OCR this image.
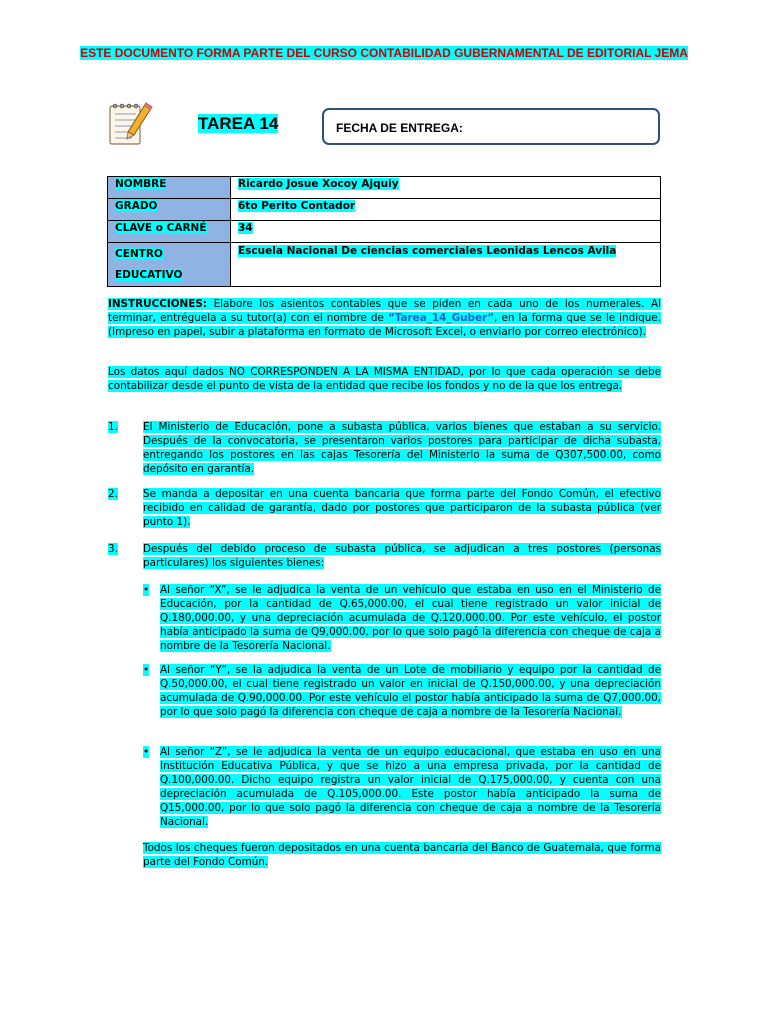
ESTE DOCUMENTO FORMA PARTE DEL CURSO CONTABILIDAD GUBERNAMENTAL DE EDITORIAL JEMA
TAREA 14	FECHA DE ENTREGA:
NOMBRE	Ricardo Josue Xocoy Ajquiy
GRADO	6to Perito Contador
CLAVE o CARNÉ	34
CENTRO EDUCATIVO	Escuela Nacional De ciencias comerciales Leonidas Lencos Avila
INSTRUCCIONES: Elabore los asientos contables que se piden en cada uno de los numerales. Al terminar, entréguela a su tutor(a) con el nombre de “Tarea_14_Guber”, en la forma que se le indique. (Impreso en papel, subir a plataforma en formato de Microsoft Excel, o enviarlo por correo electrónico).
Los datos aquí dados NO CORRESPONDEN A LA MISMA ENTIDAD, por lo que cada operación se debe contabilizar desde el punto de vista de la entidad que recibe los fondos y no de la que los entrega.
1. El Ministerio de Educación, pone a subasta pública, varios bienes que estaban a su servicio. Después de la convocatoria, se presentaron varios postores para participar de dicha subasta, entregando los postores en las cajas Tesorería del Ministerio la suma de Q307,500.00, como depósito en garantía.
2. Se manda a depositar en una cuenta bancaria que forma parte del Fondo Común, el efectivo recibido en calidad de garantía, dado por postores que participaron de la subasta pública (ver punto 1).
3. Después del debido proceso de subasta pública, se adjudican a tres postores (personas particulares) los siguientes bienes:
• Al señor “X”, se le adjudica la venta de un vehículo que estaba en uso en el Ministerio de Educación, por la cantidad de Q.65,000.00, el cual tiene registrado un valor inicial de Q.180,000.00, y una depreciación acumulada de Q.120,000.00. Por este vehículo, el postor había anticipado la suma de Q9,000.00, por lo que solo pagó la diferencia con cheque de caja a nombre de la Tesorería Nacional.
• Al señor “Y”, se la adjudica la venta de un Lote de mobiliario y equipo por la cantidad de Q.50,000.00, el cual tiene registrado un valor en inicial de Q.150,000.00, y una depreciación acumulada de Q.90,000.00. Por este vehículo el postor había anticipado la suma de Q7,000.00, por lo que solo pagó la diferencia con cheque de caja a nombre de la Tesorería Nacional.
• Al señor “Z”, se le adjudica la venta de un equipo educacional, que estaba en uso en una Institución Educativa Pública, y que se hizo a una empresa privada, por la cantidad de Q.100,000.00. Dicho equipo registra un valor inicial de Q.175,000.00, y cuenta con una depreciación acumulada de Q.105,000.00. Este postor había anticipado la suma de Q15,000.00, por lo que solo pagó la diferencia con cheque de caja a nombre de la Tesorería Nacional.
Todos los cheques fueron depositados en una cuenta bancaria del Banco de Guatemala, que forma parte del Fondo Común.
